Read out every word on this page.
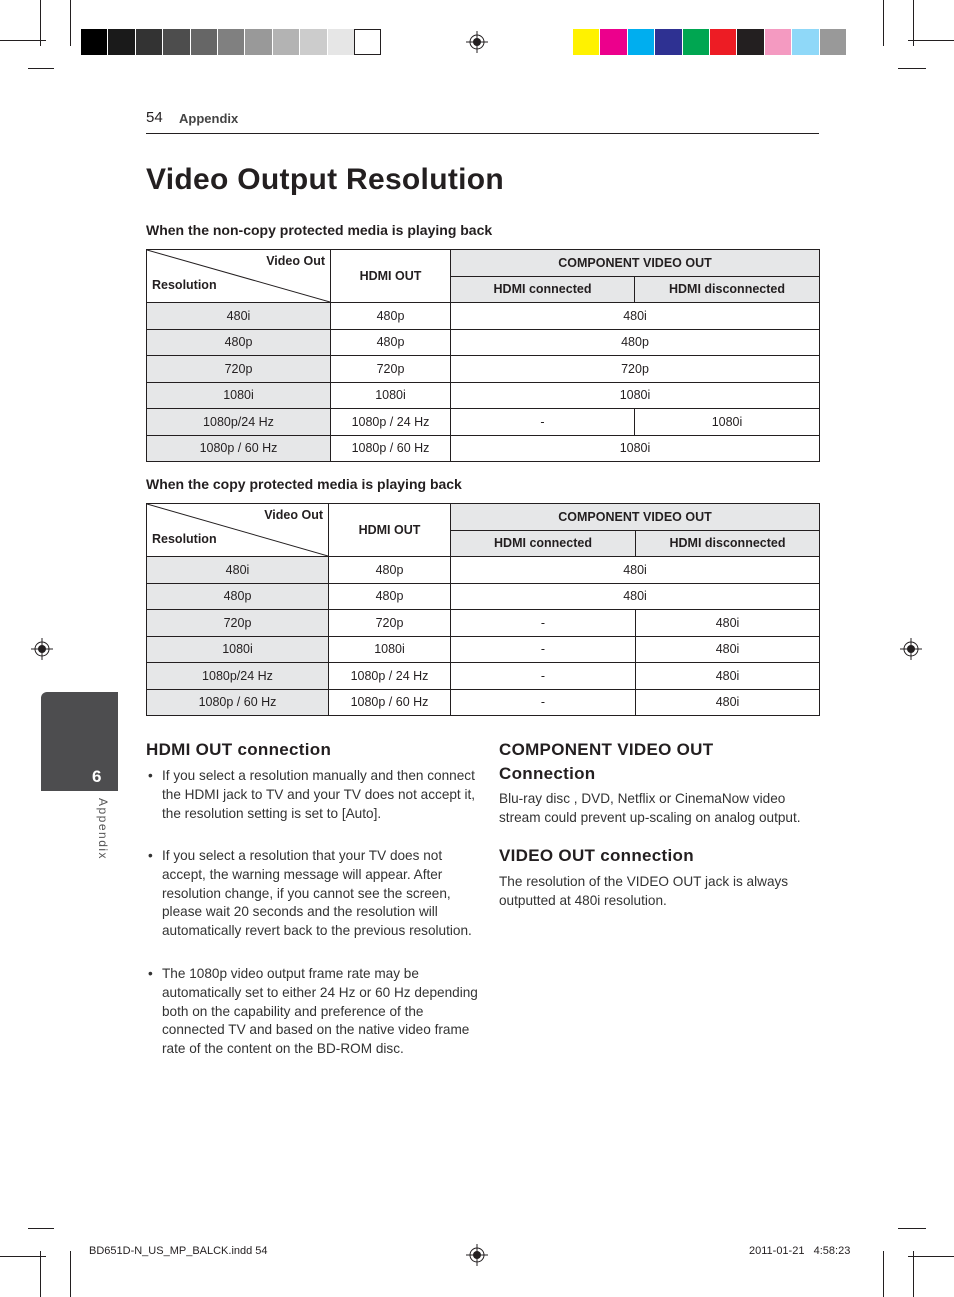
54 Appendix
Video Output Resolution
When the non-copy protected media is playing back
Video Out
Resolution	HDMI OUT	COMPONENT VIDEO OUT	
		HDMI connected	HDMI disconnected
480i	480p	480i	
480p	480p	480p	
720p	720p	720p	
1080i	1080i	1080i	
1080p/24 Hz	1080p / 24 Hz	-	1080i
1080p / 60 Hz	1080p / 60 Hz	1080i	
When the copy protected media is playing back
Video Out
Resolution	HDMI OUT	COMPONENT VIDEO OUT	
		HDMI connected	HDMI disconnected
480i	480p	480i	
480p	480p	480i	
720p	720p	-	480i
1080i	1080i	-	480i
1080p/24 Hz	1080p / 24 Hz	-	480i
1080p / 60 Hz	1080p / 60 Hz	-	480i
6
Appendix
HDMI OUT connection
• If you select a resolution manually and then connect the HDMI jack to TV and your TV does not accept it, the resolution setting is set to [Auto].
• If you select a resolution that your TV does not accept, the warning message will appear. After resolution change, if you cannot see the screen, please wait 20 seconds and the resolution will automatically revert back to the previous resolution.
• The 1080p video output frame rate may be automatically set to either 24 Hz or 60 Hz depending both on the capability and preference of the connected TV and based on the native video frame rate of the content on the BD-ROM disc.
COMPONENT VIDEO OUT
Connection
Blu-ray disc , DVD, Netflix or CinemaNow video stream could prevent up-scaling on analog output.
VIDEO OUT connection
The resolution of the VIDEO OUT jack is always outputted at 480i resolution.
BD651D-N_US_MP_BALCK.indd 54	2011-01-21   4:58:23
